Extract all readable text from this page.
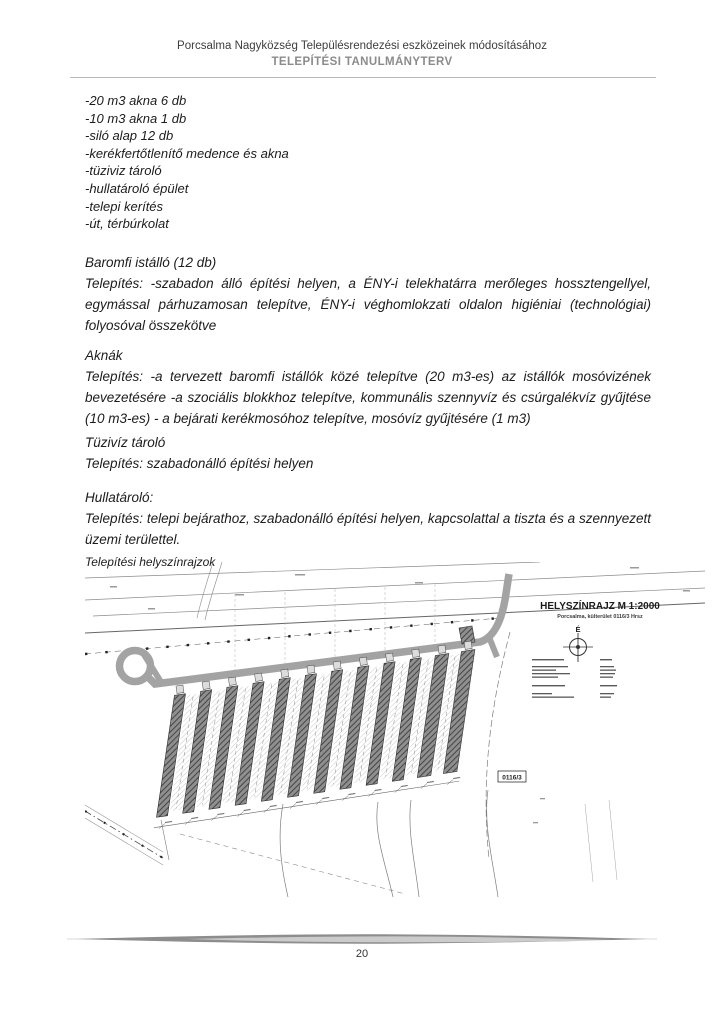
Porcsalma Nagyközség Településrendezési eszközeinek módosításához
TELEPÍTÉSI TANULMÁNYTERV
-20 m3 akna 6 db
-10 m3 akna 1 db
-siló alap 12 db
-kerékfertőtlenítő medence és akna
-tüziviz tároló
-hullatároló épület
-telepi kerítés
-út, térbúrkolat
Baromfi istálló (12 db)
Telepítés: -szabadon álló építési helyen, a ÉNY-i telekhatárra merőleges hossztengellyel, egymással párhuzamosan telepítve, ÉNY-i véghomlokzati oldalon higiéniai (technológiai) folyosóval összekötve
Aknák
Telepítés: -a tervezett baromfi istállók közé telepítve (20 m3-es) az istállók mosóvizének bevezetésére -a szociális blokkhoz telepítve, kommunális szennyvíz és csúrgalékvíz gyűjtése (10 m3-es) - a bejárati kerékmosóhoz telepítve, mosóvíz gyűjtésére (1 m3)
Tüzivíz tároló
Telepítés: szabadonálló építési helyen
Hullatároló:
Telepítés: telepi bejárathoz, szabadonálló építési helyen, kapcsolattal a tiszta és a szennyezett üzemi területtel.
Telepítési helyszínrajzok
0116/3
HELYSZÍNRAJZ M 1:2000
Porcsalma, külterület 0116/3 Hrsz
É
20
